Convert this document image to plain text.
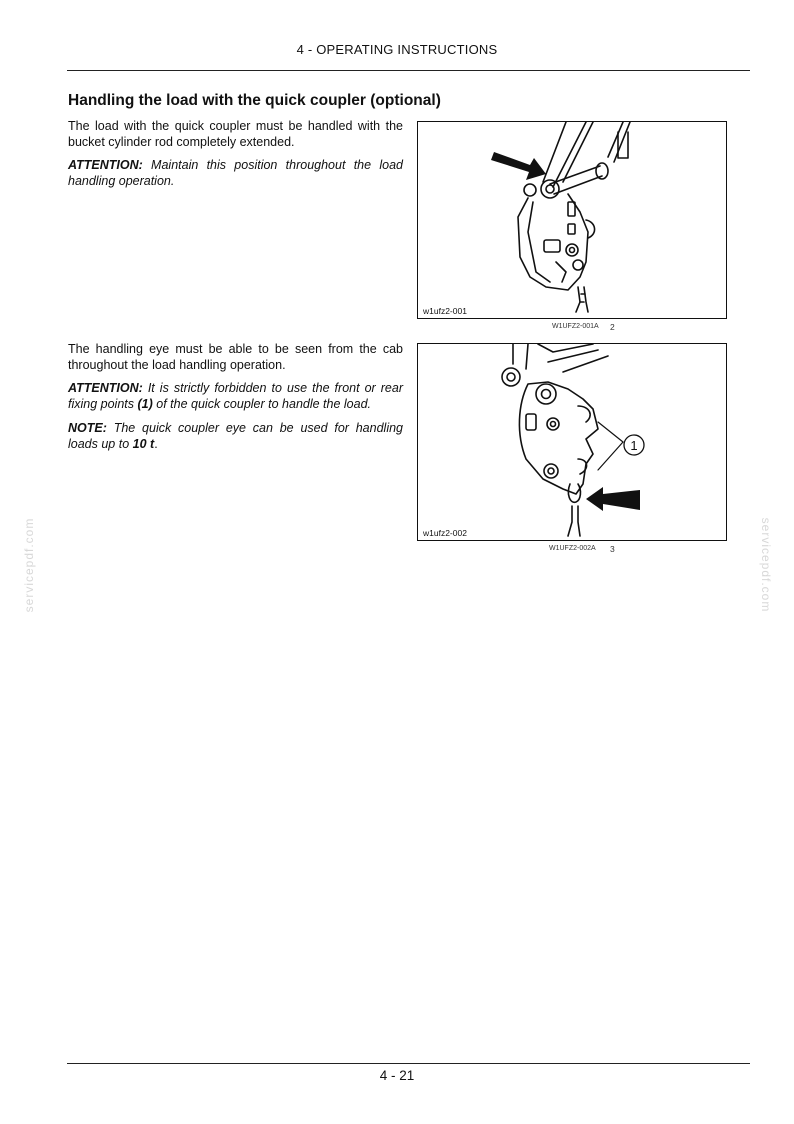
4 - OPERATING INSTRUCTIONS
Handling the load with the quick coupler (optional)

The load with the quick coupler must be handled with the bucket cylinder rod completely extended.

ATTENTION: Maintain this position throughout the load handling operation.

w1ufz2-001
W1UFZ2-001A 2

The handling eye must be able to be seen from the cab throughout the load handling operation.

ATTENTION: It is strictly forbidden to use the front or rear fixing points (1) of the quick coupler to handle the load.

NOTE: The quick coupler eye can be used for handling loads up to 10 t.	1
w1ufz2-002
W1UFZ2-002A 3
servicepdf.com	servicepdf.com
4 - 21
